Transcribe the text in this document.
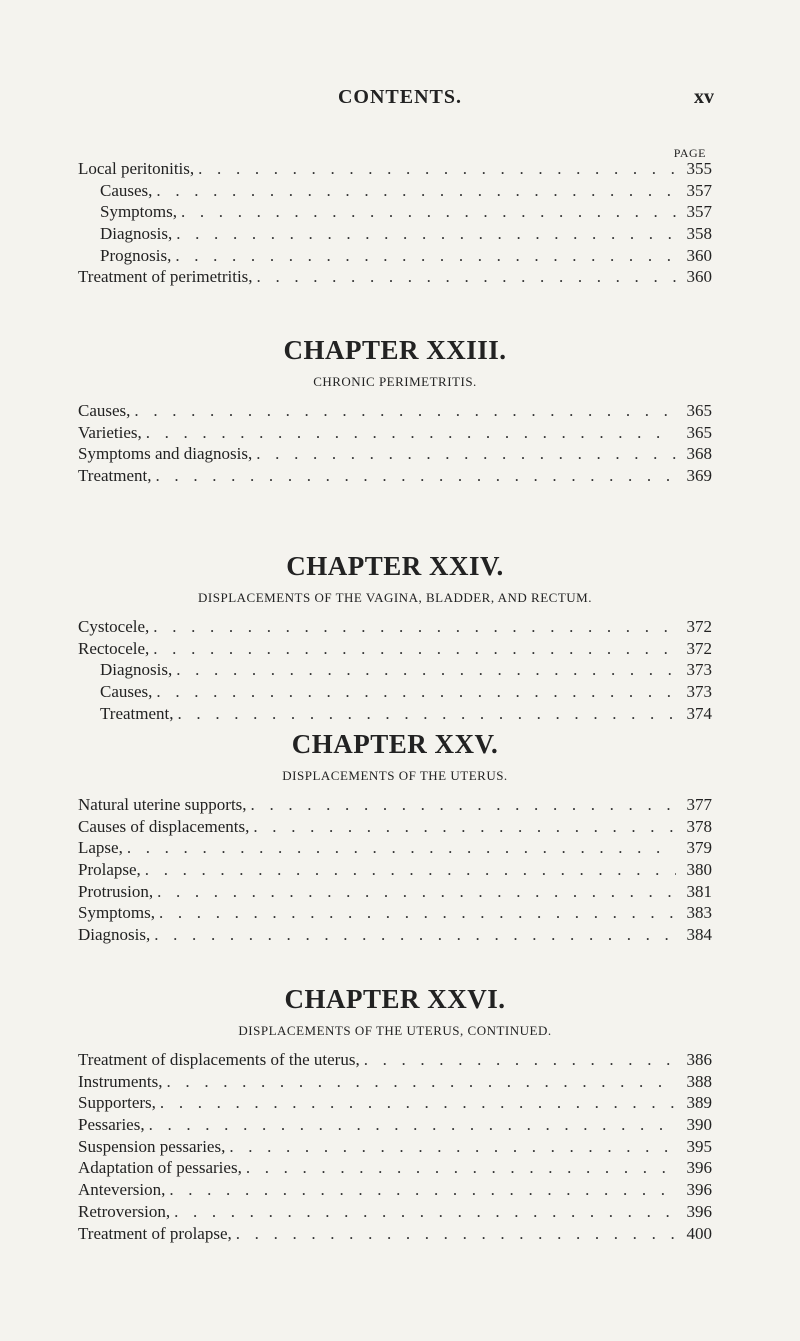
CONTENTS.	xv
PAGE
Local peritonitis, . . .	355
Causes, . . .	357
Symptoms, . . .	357
Diagnosis, . . .	358
Prognosis, . . .	360
Treatment of perimetritis, . . .	360
CHAPTER XXIII.
CHRONIC PERIMETRITIS.
Causes, . . .	365
Varieties, . . .	365
Symptoms and diagnosis, . . .	368
Treatment, . . .	369
CHAPTER XXIV.
DISPLACEMENTS OF THE VAGINA, BLADDER, AND RECTUM.
Cystocele, . . .	372
Rectocele, . . .	372
Diagnosis, . . .	373
Causes, . . .	373
Treatment, . . .	374
CHAPTER XXV.
DISPLACEMENTS OF THE UTERUS.
Natural uterine supports, . . .	377
Causes of displacements, . . .	378
Lapse, . . .	379
Prolapse, . . .	380
Protrusion, . . .	381
Symptoms, . . .	383
Diagnosis, . . .	384
CHAPTER XXVI.
DISPLACEMENTS OF THE UTERUS, CONTINUED.
Treatment of displacements of the uterus, . . .	386
Instruments, . . .	388
Supporters, . . .	389
Pessaries, . . .	390
Suspension pessaries, . . .	395
Adaptation of pessaries, . . .	396
Anteversion, . . .	396
Retroversion, . . .	396
Treatment of prolapse, . . .	400
